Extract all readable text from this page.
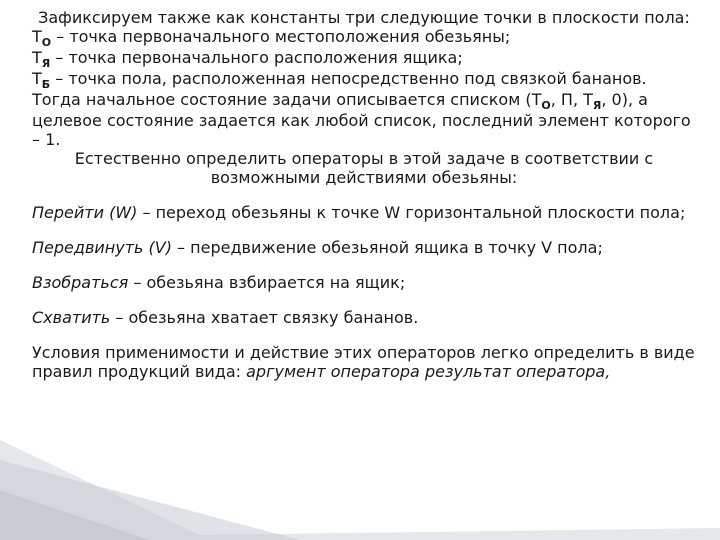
Зафиксируем также как константы три следующие точки в плоскости пола:

$Т_О$ – точка первоначального местоположения обезьяны;

$Т_Я$ – точка первоначального расположения ящика;

$Т_Б$ – точка пола, расположенная непосредственно под связкой бананов.

Тогда начальное состояние задачи описывается списком ($Т_О$, П, $Т_Я$, 0), а целевое состояние задается как любой список, последний элемент которого – 1.

Естественно определить операторы в этой задаче в соответствии с возможными действиями обезьяны:

Перейти (W) – переход обезьяны к точке W горизонтальной плоскости пола;

Передвинуть (V) – передвижение обезьяной ящика в точку V пола;

Взобраться – обезьяна взбирается на ящик;

Схватить – обезьяна хватает связку бананов.

Условия применимости и действие этих операторов легко определить в виде правил продукций вида: аргумент оператора результат оператора,
